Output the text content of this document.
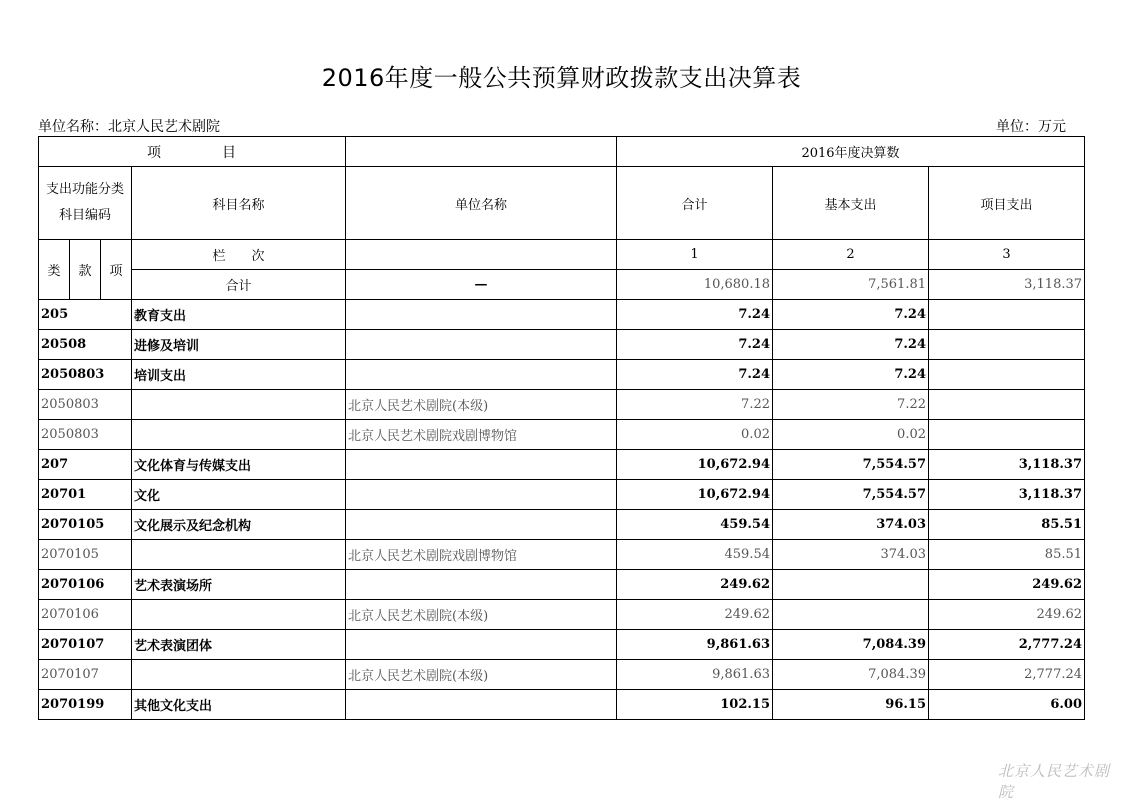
2016年度一般公共预算财政拨款支出决算表
单位名称：北京人民艺术剧院	单位：万元
项　　　　目					2016年度决算数		
支出功能分类科目编码			科目名称	单位名称	合计	基本支出	项目支出
类	款	项	栏　　次		1	2	3
			合计	—	10,680.18	7,561.81	3,118.37
205			教育支出		7.24	7.24	
20508			进修及培训		7.24	7.24	
2050803			培训支出		7.24	7.24	
2050803				北京人民艺术剧院(本级)	7.22	7.22	
2050803				北京人民艺术剧院戏剧博物馆	0.02	0.02	
207			文化体育与传媒支出		10,672.94	7,554.57	3,118.37
20701			文化		10,672.94	7,554.57	3,118.37
2070105			文化展示及纪念机构		459.54	374.03	85.51
2070105				北京人民艺术剧院戏剧博物馆	459.54	374.03	85.51
2070106			艺术表演场所		249.62		249.62
2070106				北京人民艺术剧院(本级)	249.62		249.62
2070107			艺术表演团体		9,861.63	7,084.39	2,777.24
2070107				北京人民艺术剧院(本级)	9,861.63	7,084.39	2,777.24
2070199			其他文化支出		102.15	96.15	6.00
北京人民艺术剧院
